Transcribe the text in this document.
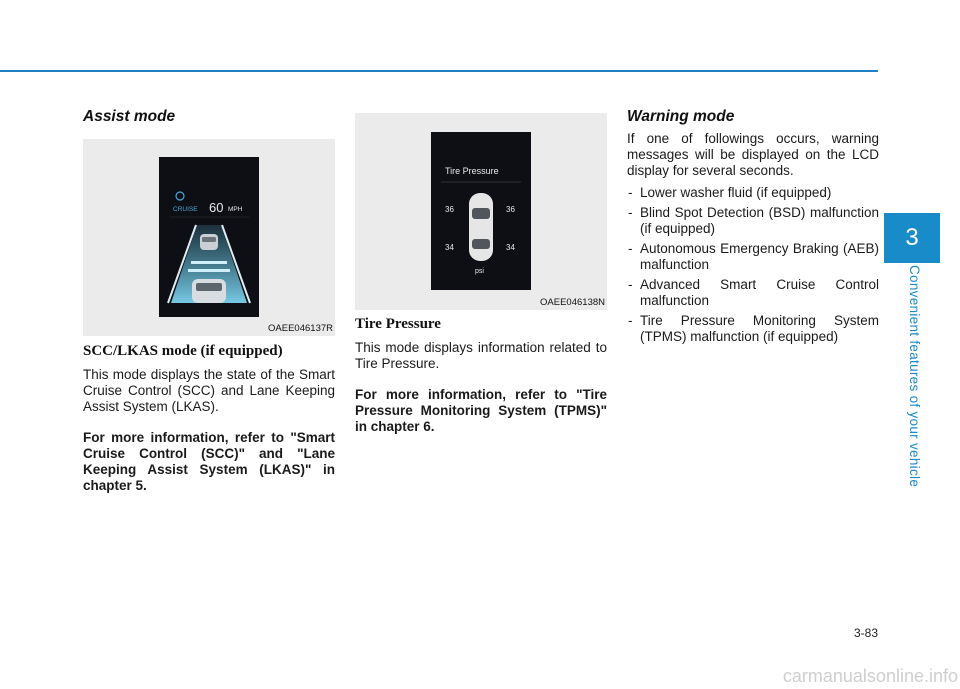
3
Convenient features of your vehicle
Assist mode
CRUISE 60 MPH
OAEE046137R
SCC/LKAS mode (if equipped)

This mode displays the state of the Smart Cruise Control (SCC) and Lane Keeping Assist System (LKAS).

For more information, refer to "Smart Cruise Control (SCC)" and "Lane Keeping Assist System (LKAS)" in chapter 5.

Tire Pressure
36	36
34	34
psi
OAEE046138N
Tire Pressure

This mode displays information related to Tire Pressure.

For more information, refer to "Tire Pressure Monitoring System (TPMS)" in chapter 6.

Warning mode

If one of followings occurs, warning messages will be displayed on the LCD display for several seconds.

- Lower washer fluid (if equipped)
- Blind Spot Detection (BSD) malfunction (if equipped)
- Autonomous Emergency Braking (AEB) malfunction
- Advanced Smart Cruise Control malfunction
- Tire Pressure Monitoring System (TPMS) malfunction (if equipped)
3-83
carmanualsonline.info
